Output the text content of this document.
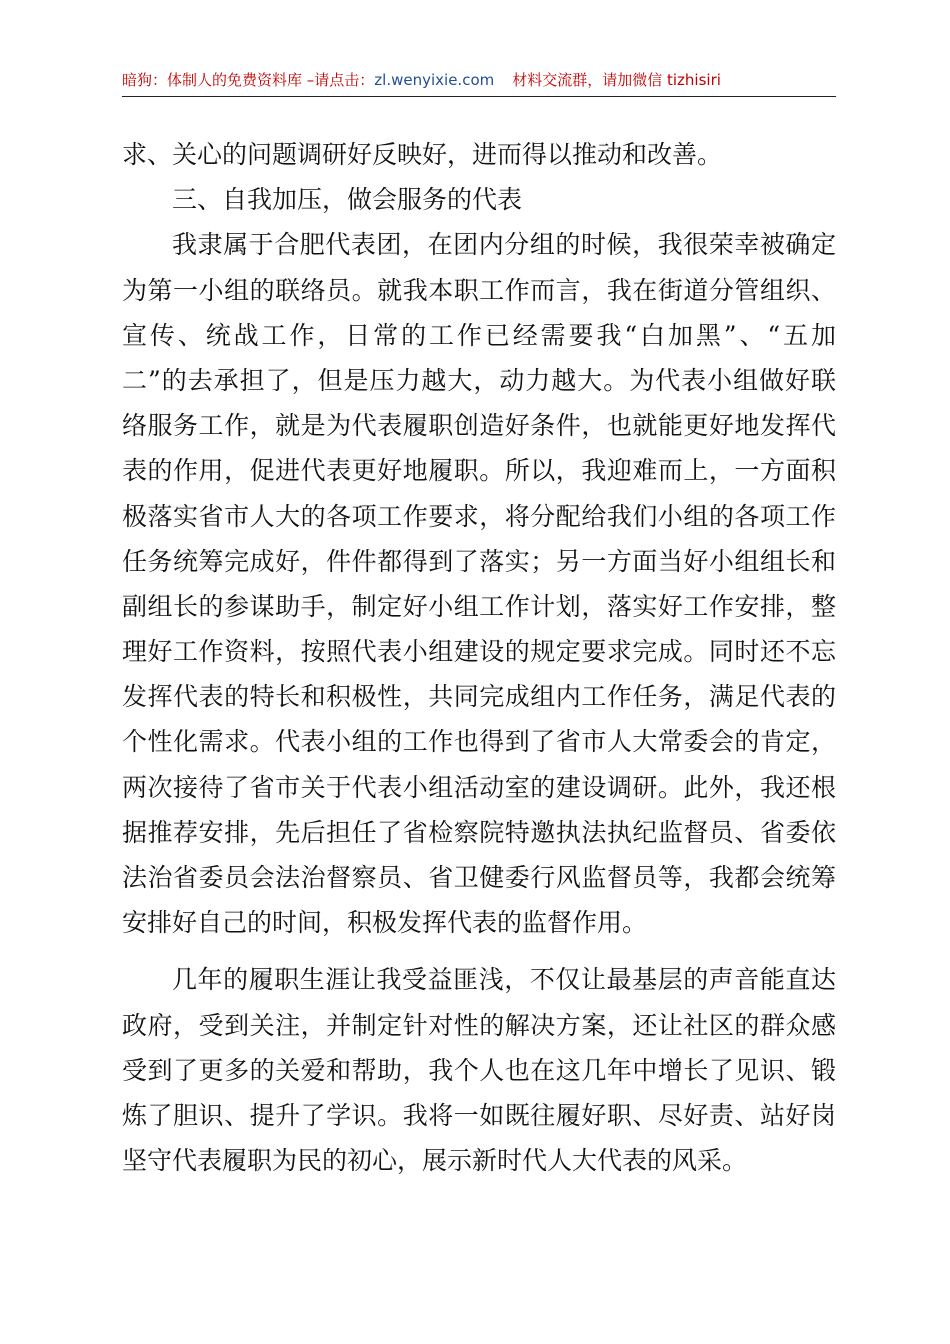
暗狗：体制人的免费资料库 –请点击：zl.wenyixie.com 材料交流群，请加微信 tizhisiri
求、关心的问题调研好反映好，进而得以推动和改善。
三、自我加压，做会服务的代表
我隶属于合肥代表团，在团内分组的时候，我很荣幸被确定
为第一小组的联络员。就我本职工作而言，我在街道分管组织、
宣传、统战工作，日常的工作已经需要我“白加黑”、“五加
二”的去承担了，但是压力越大，动力越大。为代表小组做好联
络服务工作，就是为代表履职创造好条件，也就能更好地发挥代
表的作用，促进代表更好地履职。所以，我迎难而上，一方面积
极落实省市人大的各项工作要求，将分配给我们小组的各项工作
任务统筹完成好，件件都得到了落实；另一方面当好小组组长和
副组长的参谋助手，制定好小组工作计划，落实好工作安排，整
理好工作资料，按照代表小组建设的规定要求完成。同时还不忘
发挥代表的特长和积极性，共同完成组内工作任务，满足代表的
个性化需求。代表小组的工作也得到了省市人大常委会的肯定，
两次接待了省市关于代表小组活动室的建设调研。此外，我还根
据推荐安排，先后担任了省检察院特邀执法执纪监督员、省委依
法治省委员会法治督察员、省卫健委行风监督员等，我都会统筹
安排好自己的时间，积极发挥代表的监督作用。
几年的履职生涯让我受益匪浅，不仅让最基层的声音能直达
政府，受到关注，并制定针对性的解决方案，还让社区的群众感
受到了更多的关爱和帮助，我个人也在这几年中增长了见识、锻
炼了胆识、提升了学识。我将一如既往履好职、尽好责、站好岗
坚守代表履职为民的初心，展示新时代人大代表的风采。
